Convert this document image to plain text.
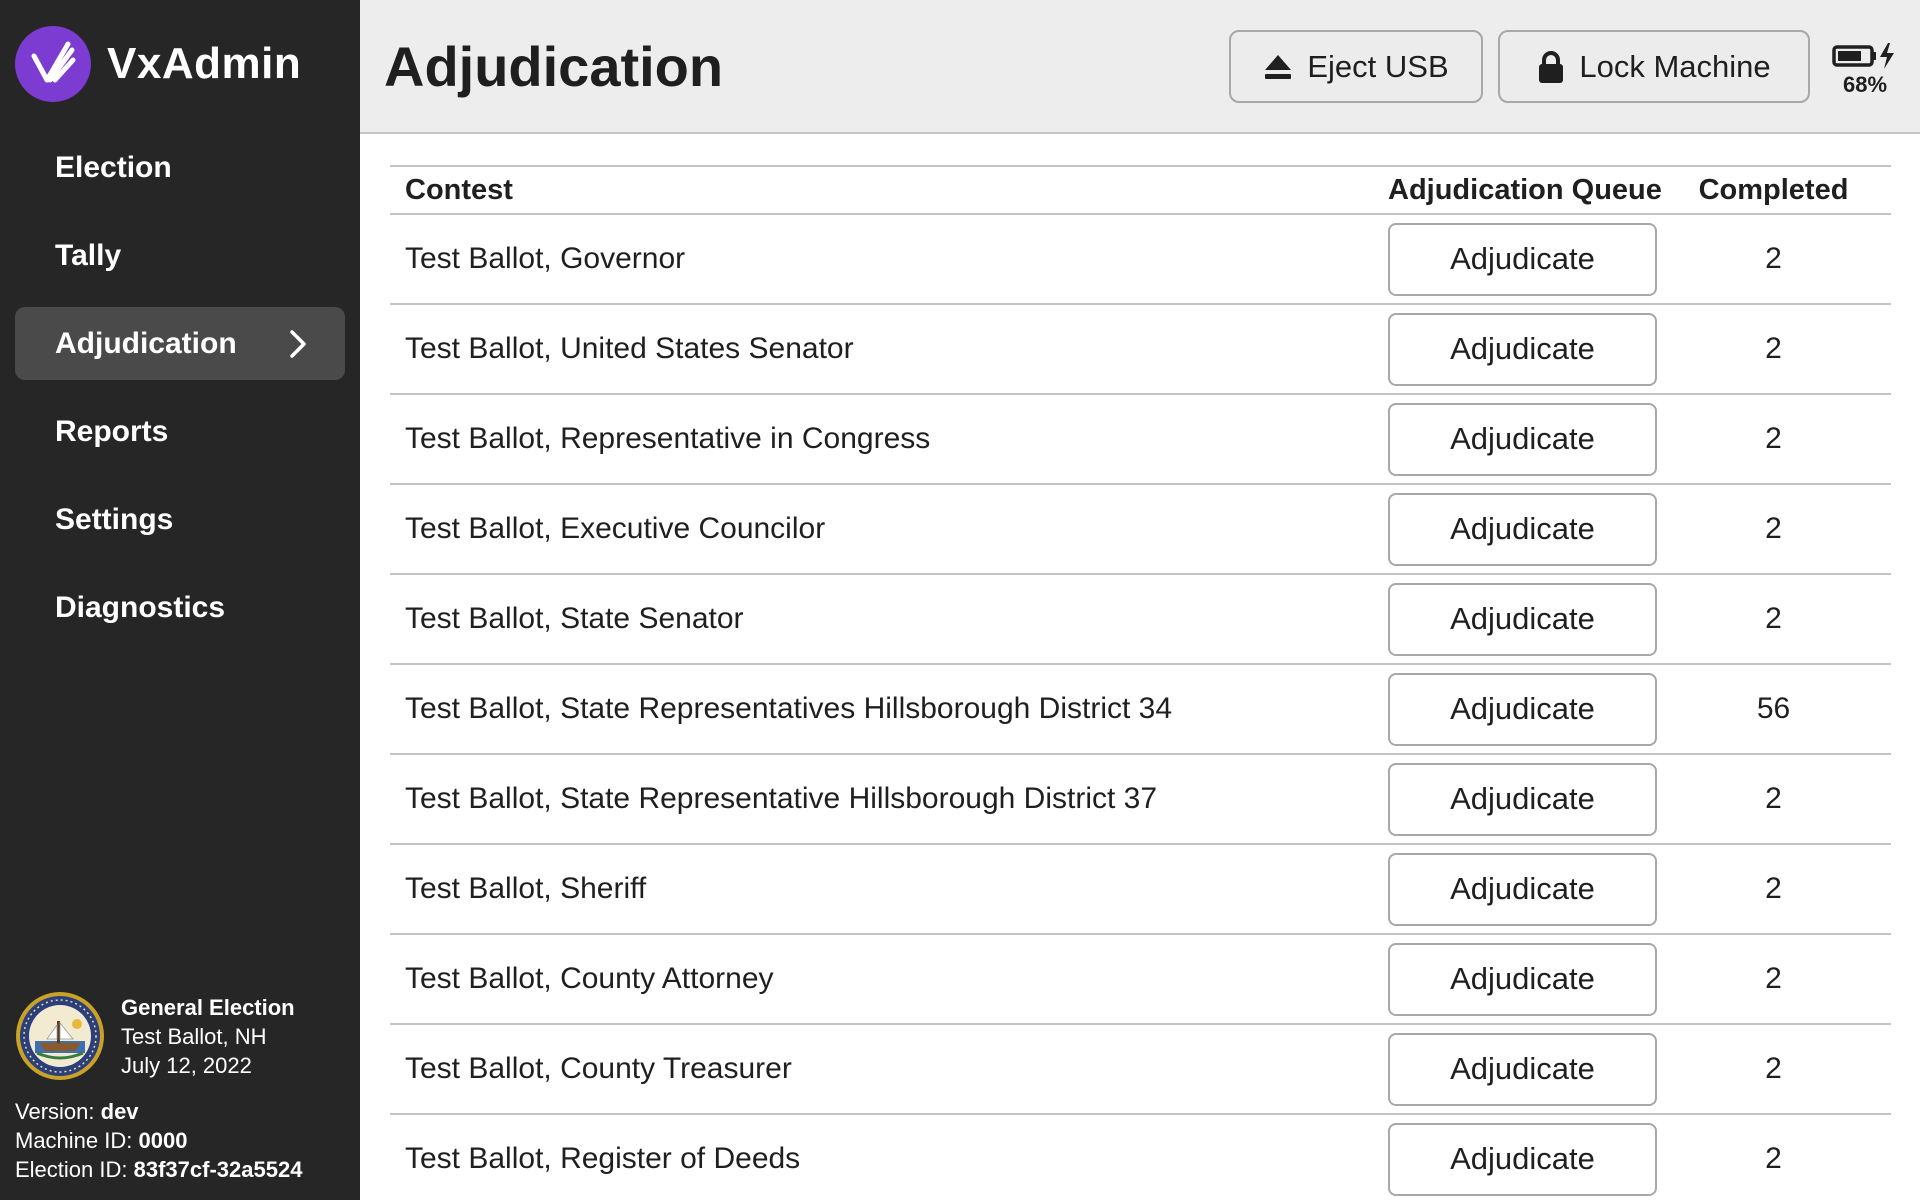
VxAdmin
Election
Tally
Adjudication
Reports
Settings
Diagnostics
General Election
Test Ballot, NH
July 12, 2022
Version: dev
Machine ID: 0000
Election ID: 83f37cf-32a5524
Adjudication	Eject USB	Lock Machine
68%
Contest	Adjudication Queue	Completed
Test Ballot, Governor	Adjudicate	2
Test Ballot, United States Senator	Adjudicate	2
Test Ballot, Representative in Congress	Adjudicate	2
Test Ballot, Executive Councilor	Adjudicate	2
Test Ballot, State Senator	Adjudicate	2
Test Ballot, State Representatives Hillsborough District 34	Adjudicate	56
Test Ballot, State Representative Hillsborough District 37	Adjudicate	2
Test Ballot, Sheriff	Adjudicate	2
Test Ballot, County Attorney	Adjudicate	2
Test Ballot, County Treasurer	Adjudicate	2
Test Ballot, Register of Deeds	Adjudicate	2
